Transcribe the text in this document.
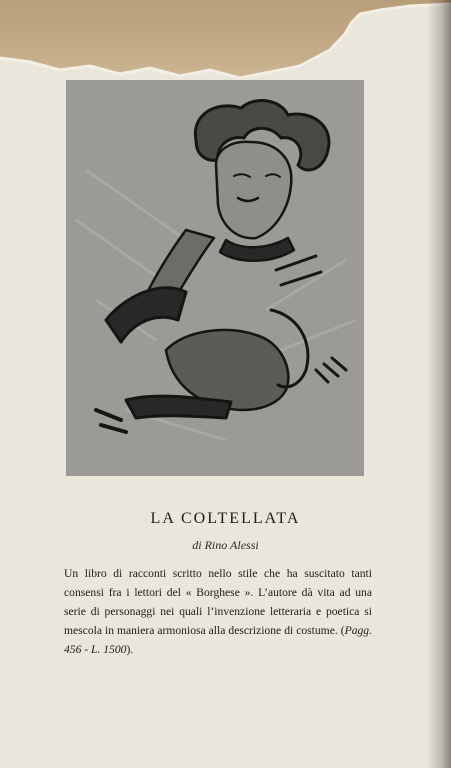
LA COLTELLATA
di Rino Alessi
Un libro di racconti scritto nello stile che ha suscitato tanti consensi fra i lettori del « Borghese ». L’autore dà vita ad una serie di personaggi nei quali l’invenzione letteraria e poetica si mescola in maniera armoniosa alla descrizione di costume. (Pagg. 456 - L. 1500).
